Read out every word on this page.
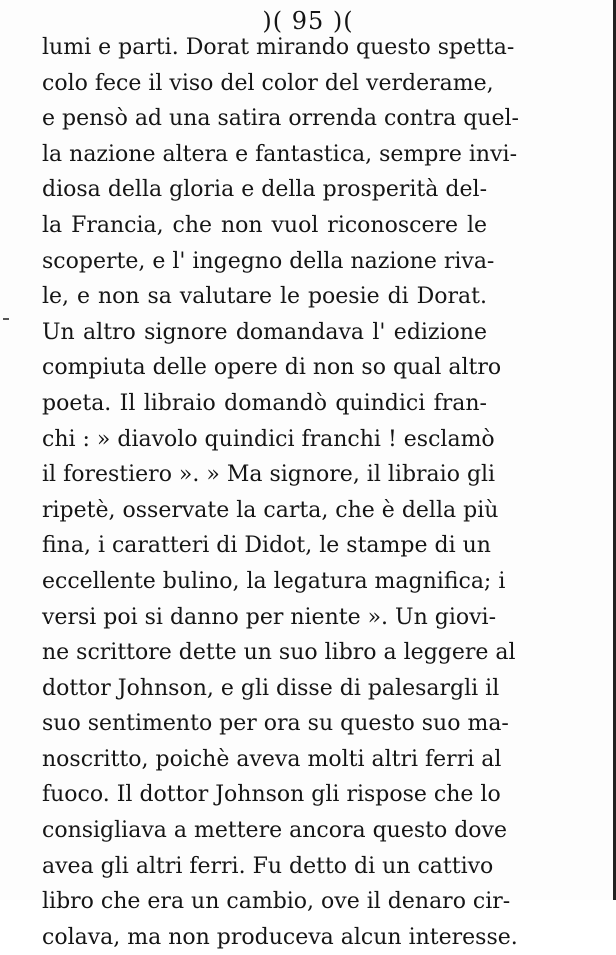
)( 95 )(
lumi e parti. Dorat mirando questo spetta-
colo fece il viso del color del verderame,
e pensò ad una satira orrenda contra quel-
la nazione altera e fantastica, sempre invi-
diosa della gloria e della prosperità del-
la Francia, che non vuol riconoscere le
scoperte, e l' ingegno della nazione riva-
le, e non sa valutare le poesie di Dorat.
Un altro signore domandava l' edizione
compiuta delle opere di non so qual altro
poeta. Il libraio domandò quindici fran-
chi : » diavolo quindici franchi ! esclamò
il forestiero ». » Ma signore, il libraio gli
ripetè, osservate la carta, che è della più
fina, i caratteri di Didot, le stampe di un
eccellente bulino, la legatura magnifica; i
versi poi si danno per niente ». Un giovi-
ne scrittore dette un suo libro a leggere al
dottor Johnson, e gli disse di palesargli il
suo sentimento per ora su questo suo ma-
noscritto, poichè aveva molti altri ferri al
fuoco. Il dottor Johnson gli rispose che lo
consigliava a mettere ancora questo dove
avea gli altri ferri. Fu detto di un cattivo
libro che era un cambio, ove il denaro cir-
colava, ma non produceva alcun interesse.
